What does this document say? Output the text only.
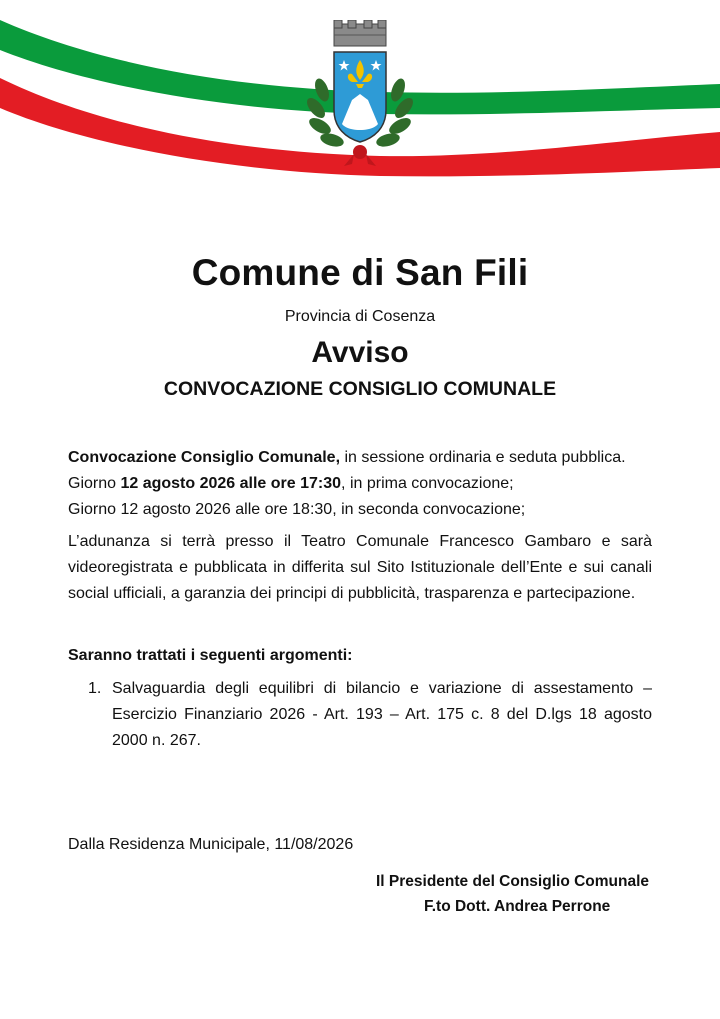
Comune di San Fili
Provincia di Cosenza
Avviso
CONVOCAZIONE CONSIGLIO COMUNALE
Convocazione Consiglio Comunale, in sessione ordinaria e seduta pubblica.
Giorno 12 agosto 2026 alle ore 17:30, in prima convocazione;
Giorno 12 agosto 2026 alle ore 18:30, in seconda convocazione;
L’adunanza si terrà presso il Teatro Comunale Francesco Gambaro e sarà videoregistrata e pubblicata in differita sul Sito Istituzionale dell’Ente e sui canali social ufficiali, a garanzia dei principi di pubblicità, trasparenza e partecipazione.
Saranno trattati i seguenti argomenti:
1. Salvaguardia degli equilibri di bilancio e variazione di assestamento – Esercizio Finanziario 2026 - Art. 193 – Art. 175 c. 8 del D.lgs 18 agosto 2000 n. 267.
Dalla Residenza Municipale, 11/08/2026
Il Presidente del Consiglio Comunale
F.to Dott. Andrea Perrone
